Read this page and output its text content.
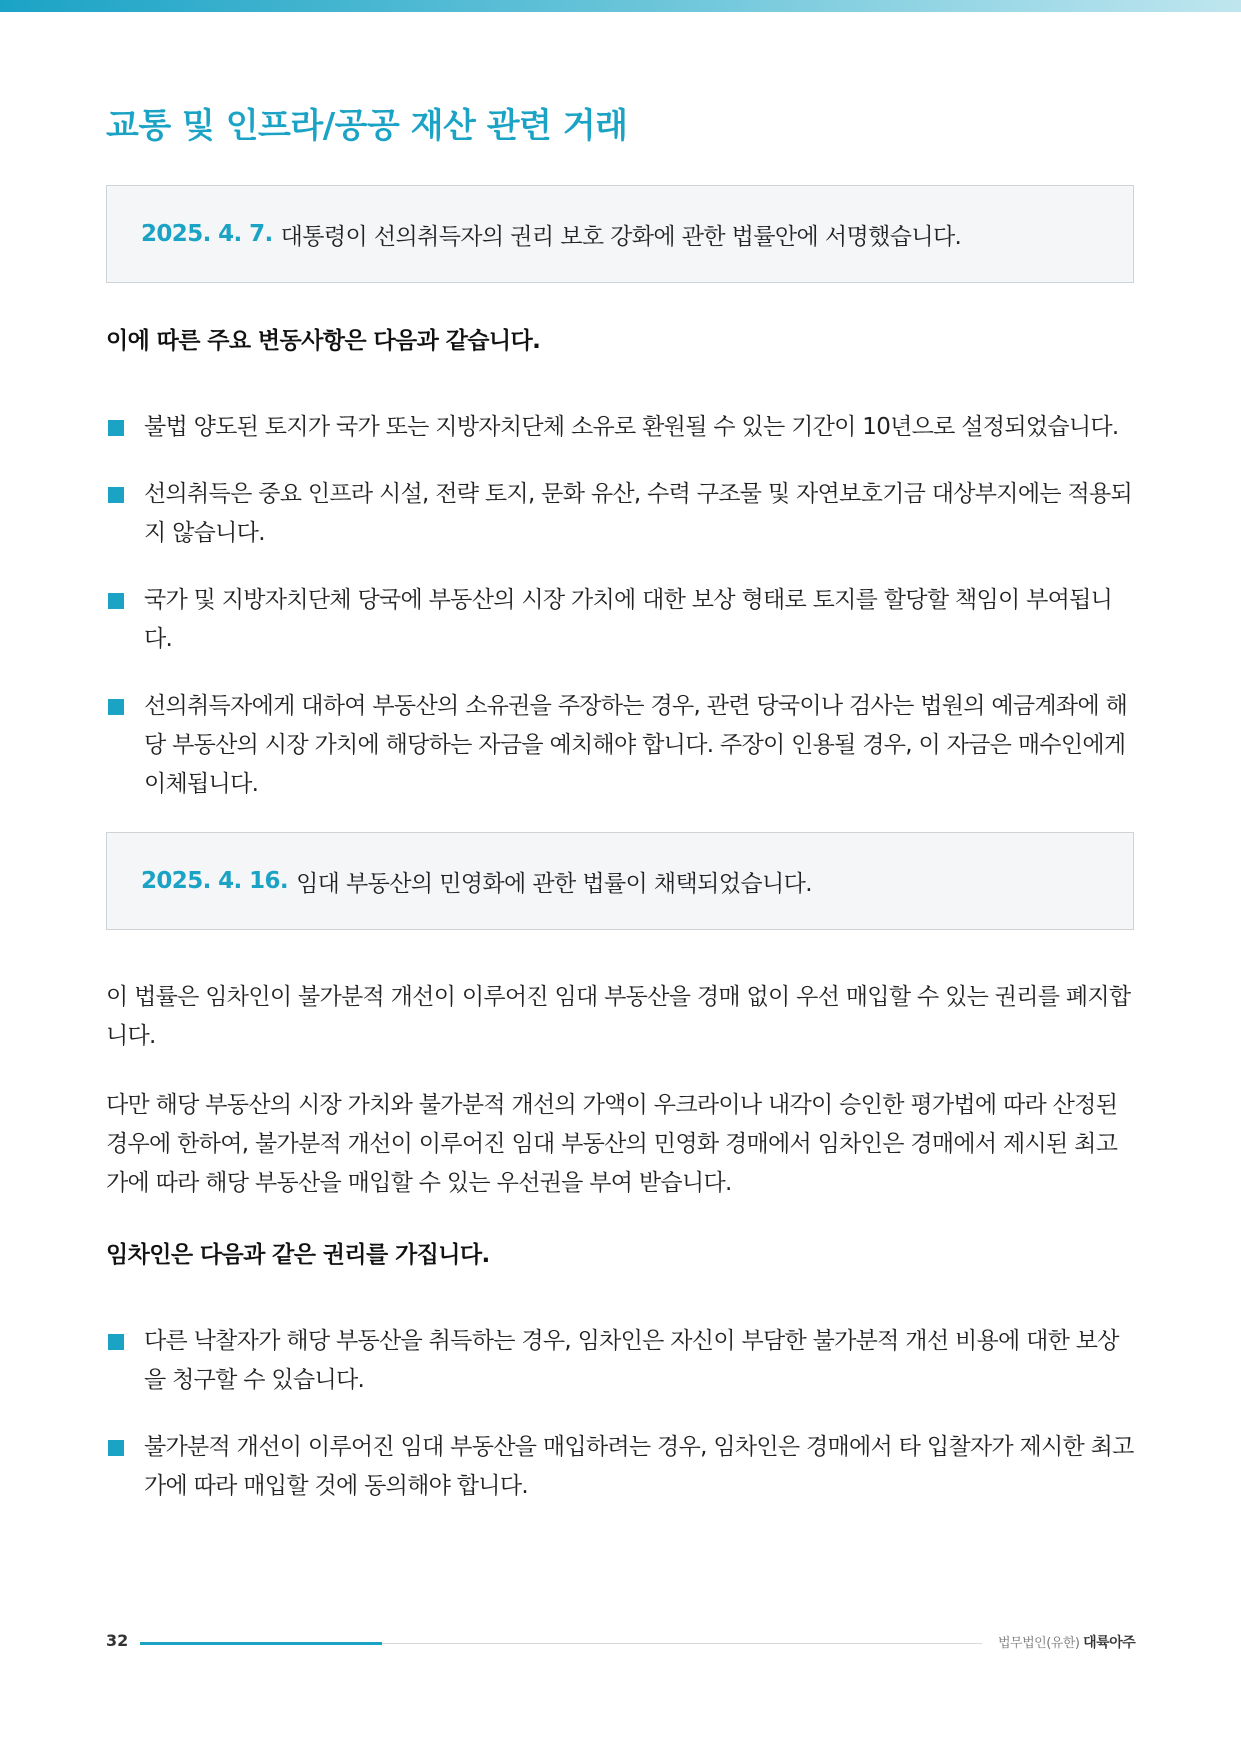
교통 및 인프라/공공 재산 관련 거래
2025. 4. 7. 대통령이 선의취득자의 권리 보호 강화에 관한 법률안에 서명했습니다.

이에 따른 주요 변동사항은 다음과 같습니다.

불법 양도된 토지가 국가 또는 지방자치단체 소유로 환원될 수 있는 기간이 10년으로 설정되었습니다.
선의취득은 중요 인프라 시설, 전략 토지, 문화 유산, 수력 구조물 및 자연보호기금 대상부지에는 적용되지 않습니다.
국가 및 지방자치단체 당국에 부동산의 시장 가치에 대한 보상 형태로 토지를 할당할 책임이 부여됩니다.
선의취득자에게 대하여 부동산의 소유권을 주장하는 경우, 관련 당국이나 검사는 법원의 예금계좌에 해당 부동산의 시장 가치에 해당하는 자금을 예치해야 합니다. 주장이 인용될 경우, 이 자금은 매수인에게 이체됩니다.
2025. 4. 16. 임대 부동산의 민영화에 관한 법률이 채택되었습니다.

이 법률은 임차인이 불가분적 개선이 이루어진 임대 부동산을 경매 없이 우선 매입할 수 있는 권리를 폐지합니다.

다만 해당 부동산의 시장 가치와 불가분적 개선의 가액이 우크라이나 내각이 승인한 평가법에 따라 산정된 경우에 한하여, 불가분적 개선이 이루어진 임대 부동산의 민영화 경매에서 임차인은 경매에서 제시된 최고가에 따라 해당 부동산을 매입할 수 있는 우선권을 부여 받습니다.

임차인은 다음과 같은 권리를 가집니다.

다른 낙찰자가 해당 부동산을 취득하는 경우, 임차인은 자신이 부담한 불가분적 개선 비용에 대한 보상을 청구할 수 있습니다.
불가분적 개선이 이루어진 임대 부동산을 매입하려는 경우, 임차인은 경매에서 타 입찰자가 제시한 최고가에 따라 매입할 것에 동의해야 합니다.
32	법무법인(유한) 대륙아주
